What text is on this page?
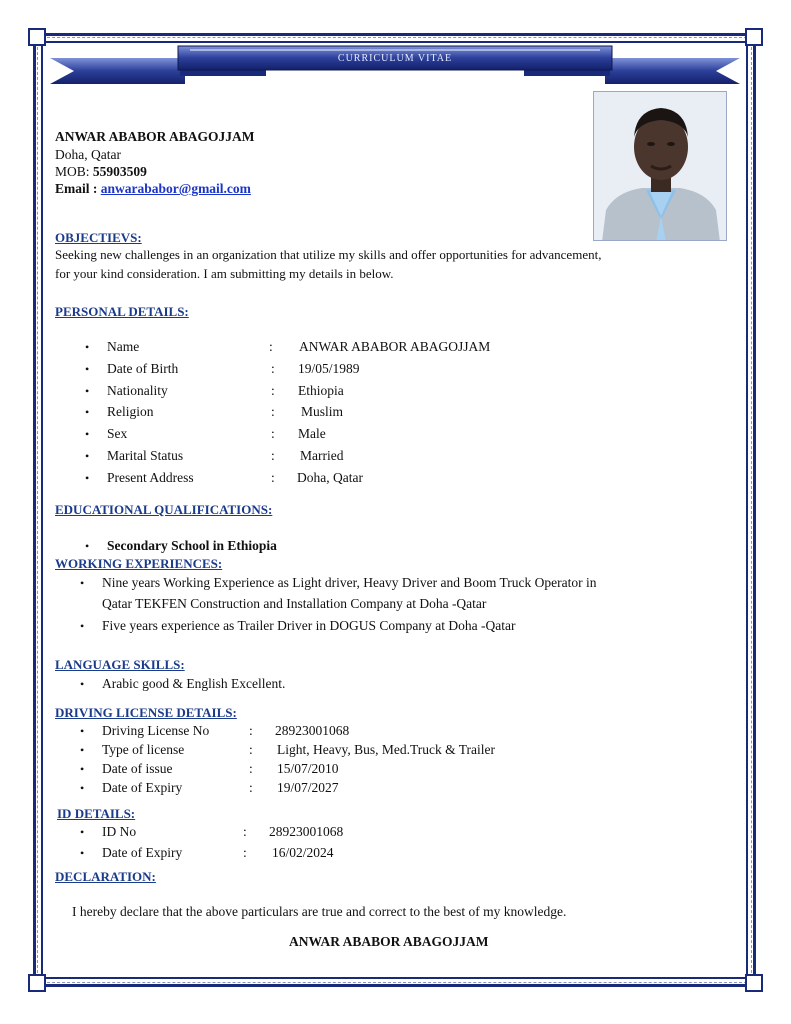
CURRICULUM VITAE
ANWAR ABABOR ABAGOJJAM
Doha, Qatar
MOB: 55903509
Email : anwarababor@gmail.com
OBJECTIEVS:
Seeking new challenges in an organization that utilize my skills and offer opportunities for advancement,
for your kind consideration. I am submitting my details in below.
PERSONAL DETAILS:
• Name	: ANWAR ABABOR ABAGOJJAM
• Date of Birth	: 19/05/1989
• Nationality	: Ethiopia
• Religion	: Muslim
• Sex	: Male
• Marital Status	: Married
• Present Address	: Doha, Qatar
EDUCATIONAL QUALIFICATIONS:
• Secondary School in Ethiopia
WORKING EXPERIENCES:
• Nine years Working Experience as Light driver, Heavy Driver and Boom Truck Operator in
Qatar TEKFEN Construction and Installation Company at Doha -Qatar
• Five years experience as Trailer Driver in DOGUS Company at Doha -Qatar
LANGUAGE SKILLS:
• Arabic good & English Excellent.
DRIVING LICENSE DETAILS:
• Driving License No	: 28923001068
• Type of license	: Light, Heavy, Bus, Med.Truck & Trailer
• Date of issue	: 15/07/2010
• Date of Expiry	: 19/07/2027
ID DETAILS:
• ID No	: 28923001068
• Date of Expiry	: 16/02/2024
DECLARATION:
I hereby declare that the above particulars are true and correct to the best of my knowledge.
ANWAR ABABOR ABAGOJJAM
